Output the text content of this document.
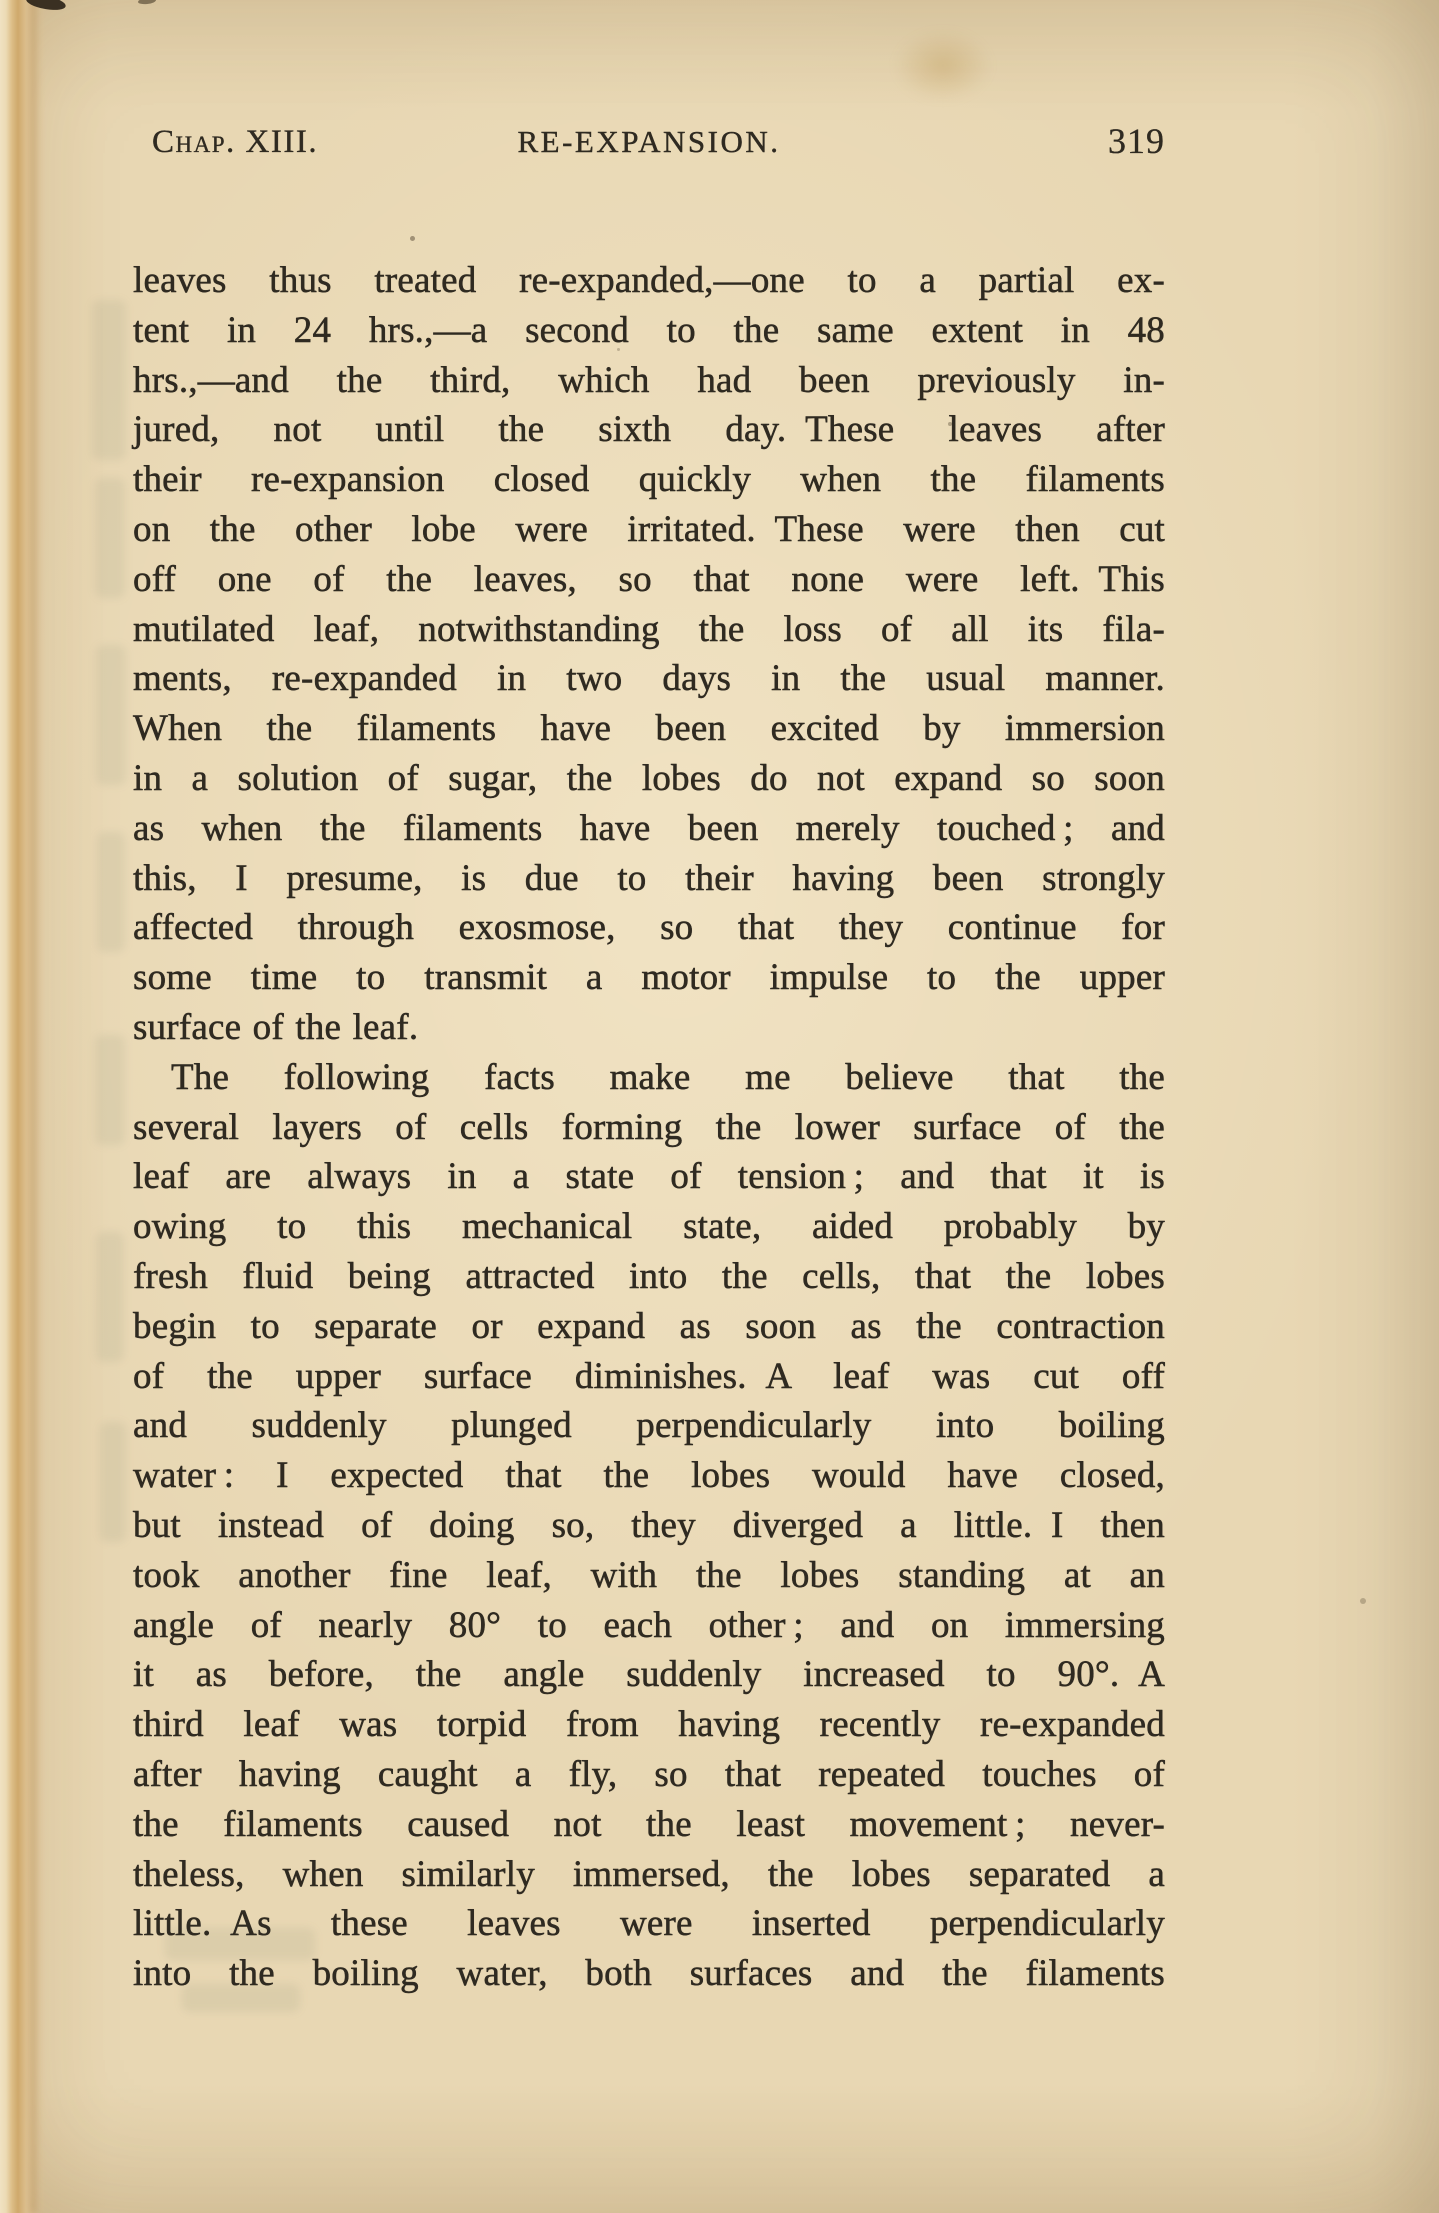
Chap. XIII.	RE-EXPANSION.	319
leaves thus treated re-expanded,—one to a partial ex-
tent in 24 hrs.,—a second to the same extent in 48
hrs.,—and the third, which had been previously in-
jured, not until the sixth day. These leaves after
their re-expansion closed quickly when the filaments
on the other lobe were irritated. These were then cut
off one of the leaves, so that none were left. This
mutilated leaf, notwithstanding the loss of all its fila-
ments, re-expanded in two days in the usual manner.
When the filaments have been excited by immersion
in a solution of sugar, the lobes do not expand so soon
as when the filaments have been merely touched ; and
this, I presume, is due to their having been strongly
affected through exosmose, so that they continue for
some time to transmit a motor impulse to the upper
surface of the leaf.
The following facts make me believe that the
several layers of cells forming the lower surface of the
leaf are always in a state of tension ; and that it is
owing to this mechanical state, aided probably by
fresh fluid being attracted into the cells, that the lobes
begin to separate or expand as soon as the contraction
of the upper surface diminishes. A leaf was cut off
and suddenly plunged perpendicularly into boiling
water : I expected that the lobes would have closed,
but instead of doing so, they diverged a little. I then
took another fine leaf, with the lobes standing at an
angle of nearly 80° to each other ; and on immersing
it as before, the angle suddenly increased to 90°. A
third leaf was torpid from having recently re-expanded
after having caught a fly, so that repeated touches of
the filaments caused not the least movement ; never-
theless, when similarly immersed, the lobes separated a
little. As these leaves were inserted perpendicularly
into the boiling water, both surfaces and the filaments
